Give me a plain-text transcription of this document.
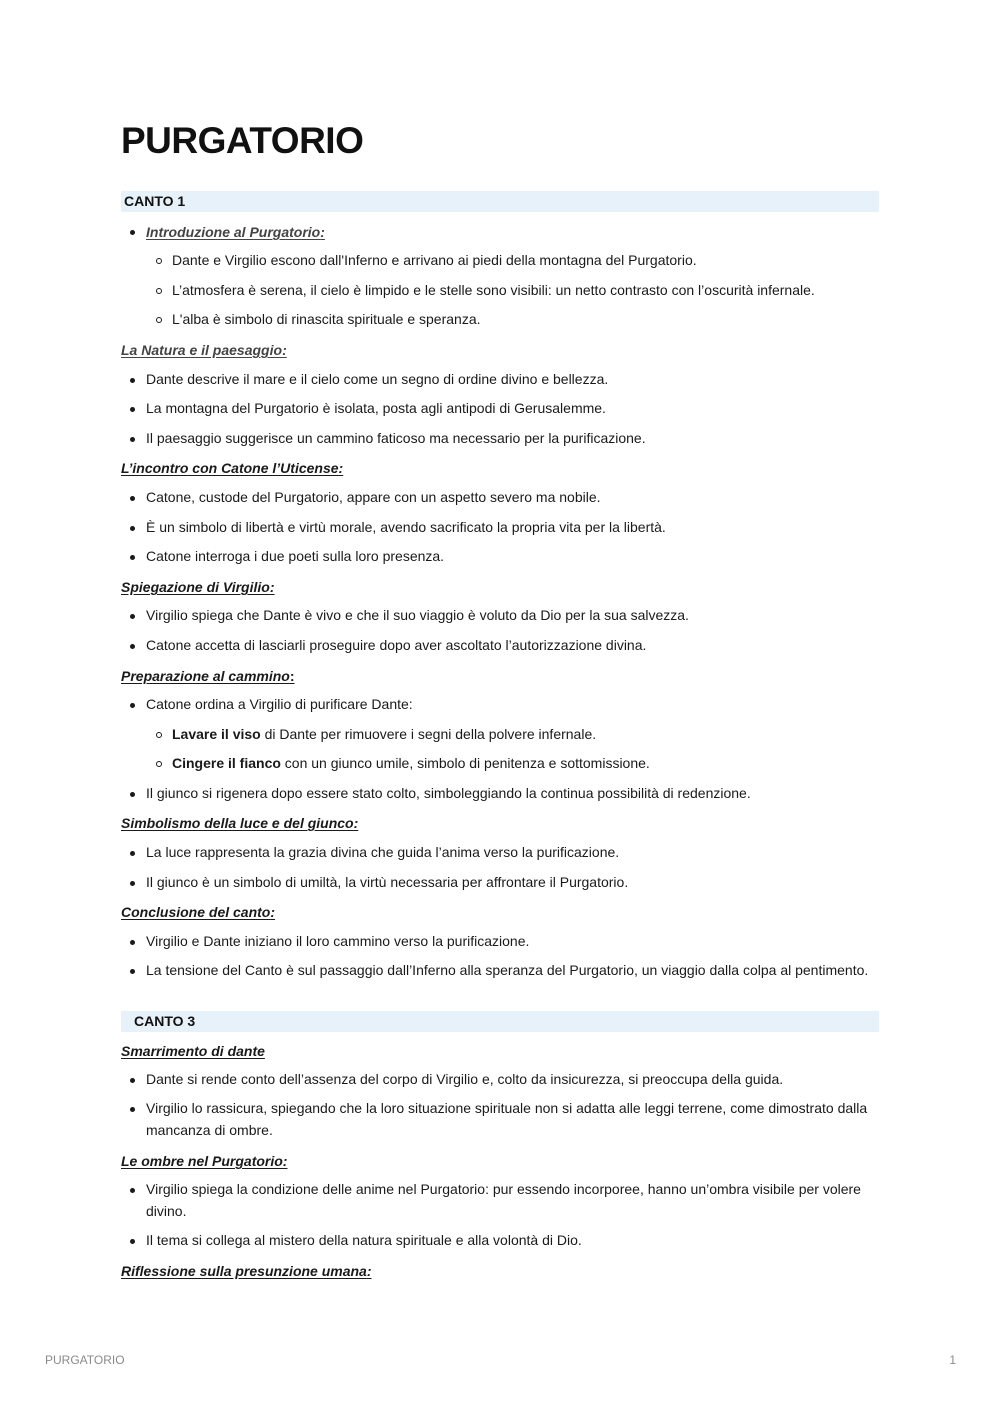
PURGATORIO
CANTO 1
Introduzione al Purgatorio:
Dante e Virgilio escono dall'Inferno e arrivano ai piedi della montagna del Purgatorio.
L’atmosfera è serena, il cielo è limpido e le stelle sono visibili: un netto contrasto con l’oscurità infernale.
L'alba è simbolo di rinascita spirituale e speranza.
La Natura e il paesaggio:
Dante descrive il mare e il cielo come un segno di ordine divino e bellezza.
La montagna del Purgatorio è isolata, posta agli antipodi di Gerusalemme.
Il paesaggio suggerisce un cammino faticoso ma necessario per la purificazione.
L’incontro con Catone l’Uticense:
Catone, custode del Purgatorio, appare con un aspetto severo ma nobile.
È un simbolo di libertà e virtù morale, avendo sacrificato la propria vita per la libertà.
Catone interroga i due poeti sulla loro presenza.
Spiegazione di Virgilio:
Virgilio spiega che Dante è vivo e che il suo viaggio è voluto da Dio per la sua salvezza.
Catone accetta di lasciarli proseguire dopo aver ascoltato l’autorizzazione divina.
Preparazione al cammino:
Catone ordina a Virgilio di purificare Dante:
Lavare il viso di Dante per rimuovere i segni della polvere infernale.
Cingere il fianco con un giunco umile, simbolo di penitenza e sottomissione.
Il giunco si rigenera dopo essere stato colto, simboleggiando la continua possibilità di redenzione.
Simbolismo della luce e del giunco:
La luce rappresenta la grazia divina che guida l’anima verso la purificazione.
Il giunco è un simbolo di umiltà, la virtù necessaria per affrontare il Purgatorio.
Conclusione del canto:
Virgilio e Dante iniziano il loro cammino verso la purificazione.
La tensione del Canto è sul passaggio dall’Inferno alla speranza del Purgatorio, un viaggio dalla colpa al pentimento.
CANTO 3
Smarrimento di dante
Dante si rende conto dell’assenza del corpo di Virgilio e, colto da insicurezza, si preoccupa della guida.
Virgilio lo rassicura, spiegando che la loro situazione spirituale non si adatta alle leggi terrene, come dimostrato dalla mancanza di ombre.
Le ombre nel Purgatorio:
Virgilio spiega la condizione delle anime nel Purgatorio: pur essendo incorporee, hanno un’ombra visibile per volere divino.
Il tema si collega al mistero della natura spirituale e alla volontà di Dio.
Riflessione sulla presunzione umana:
PURGATORIO	1
